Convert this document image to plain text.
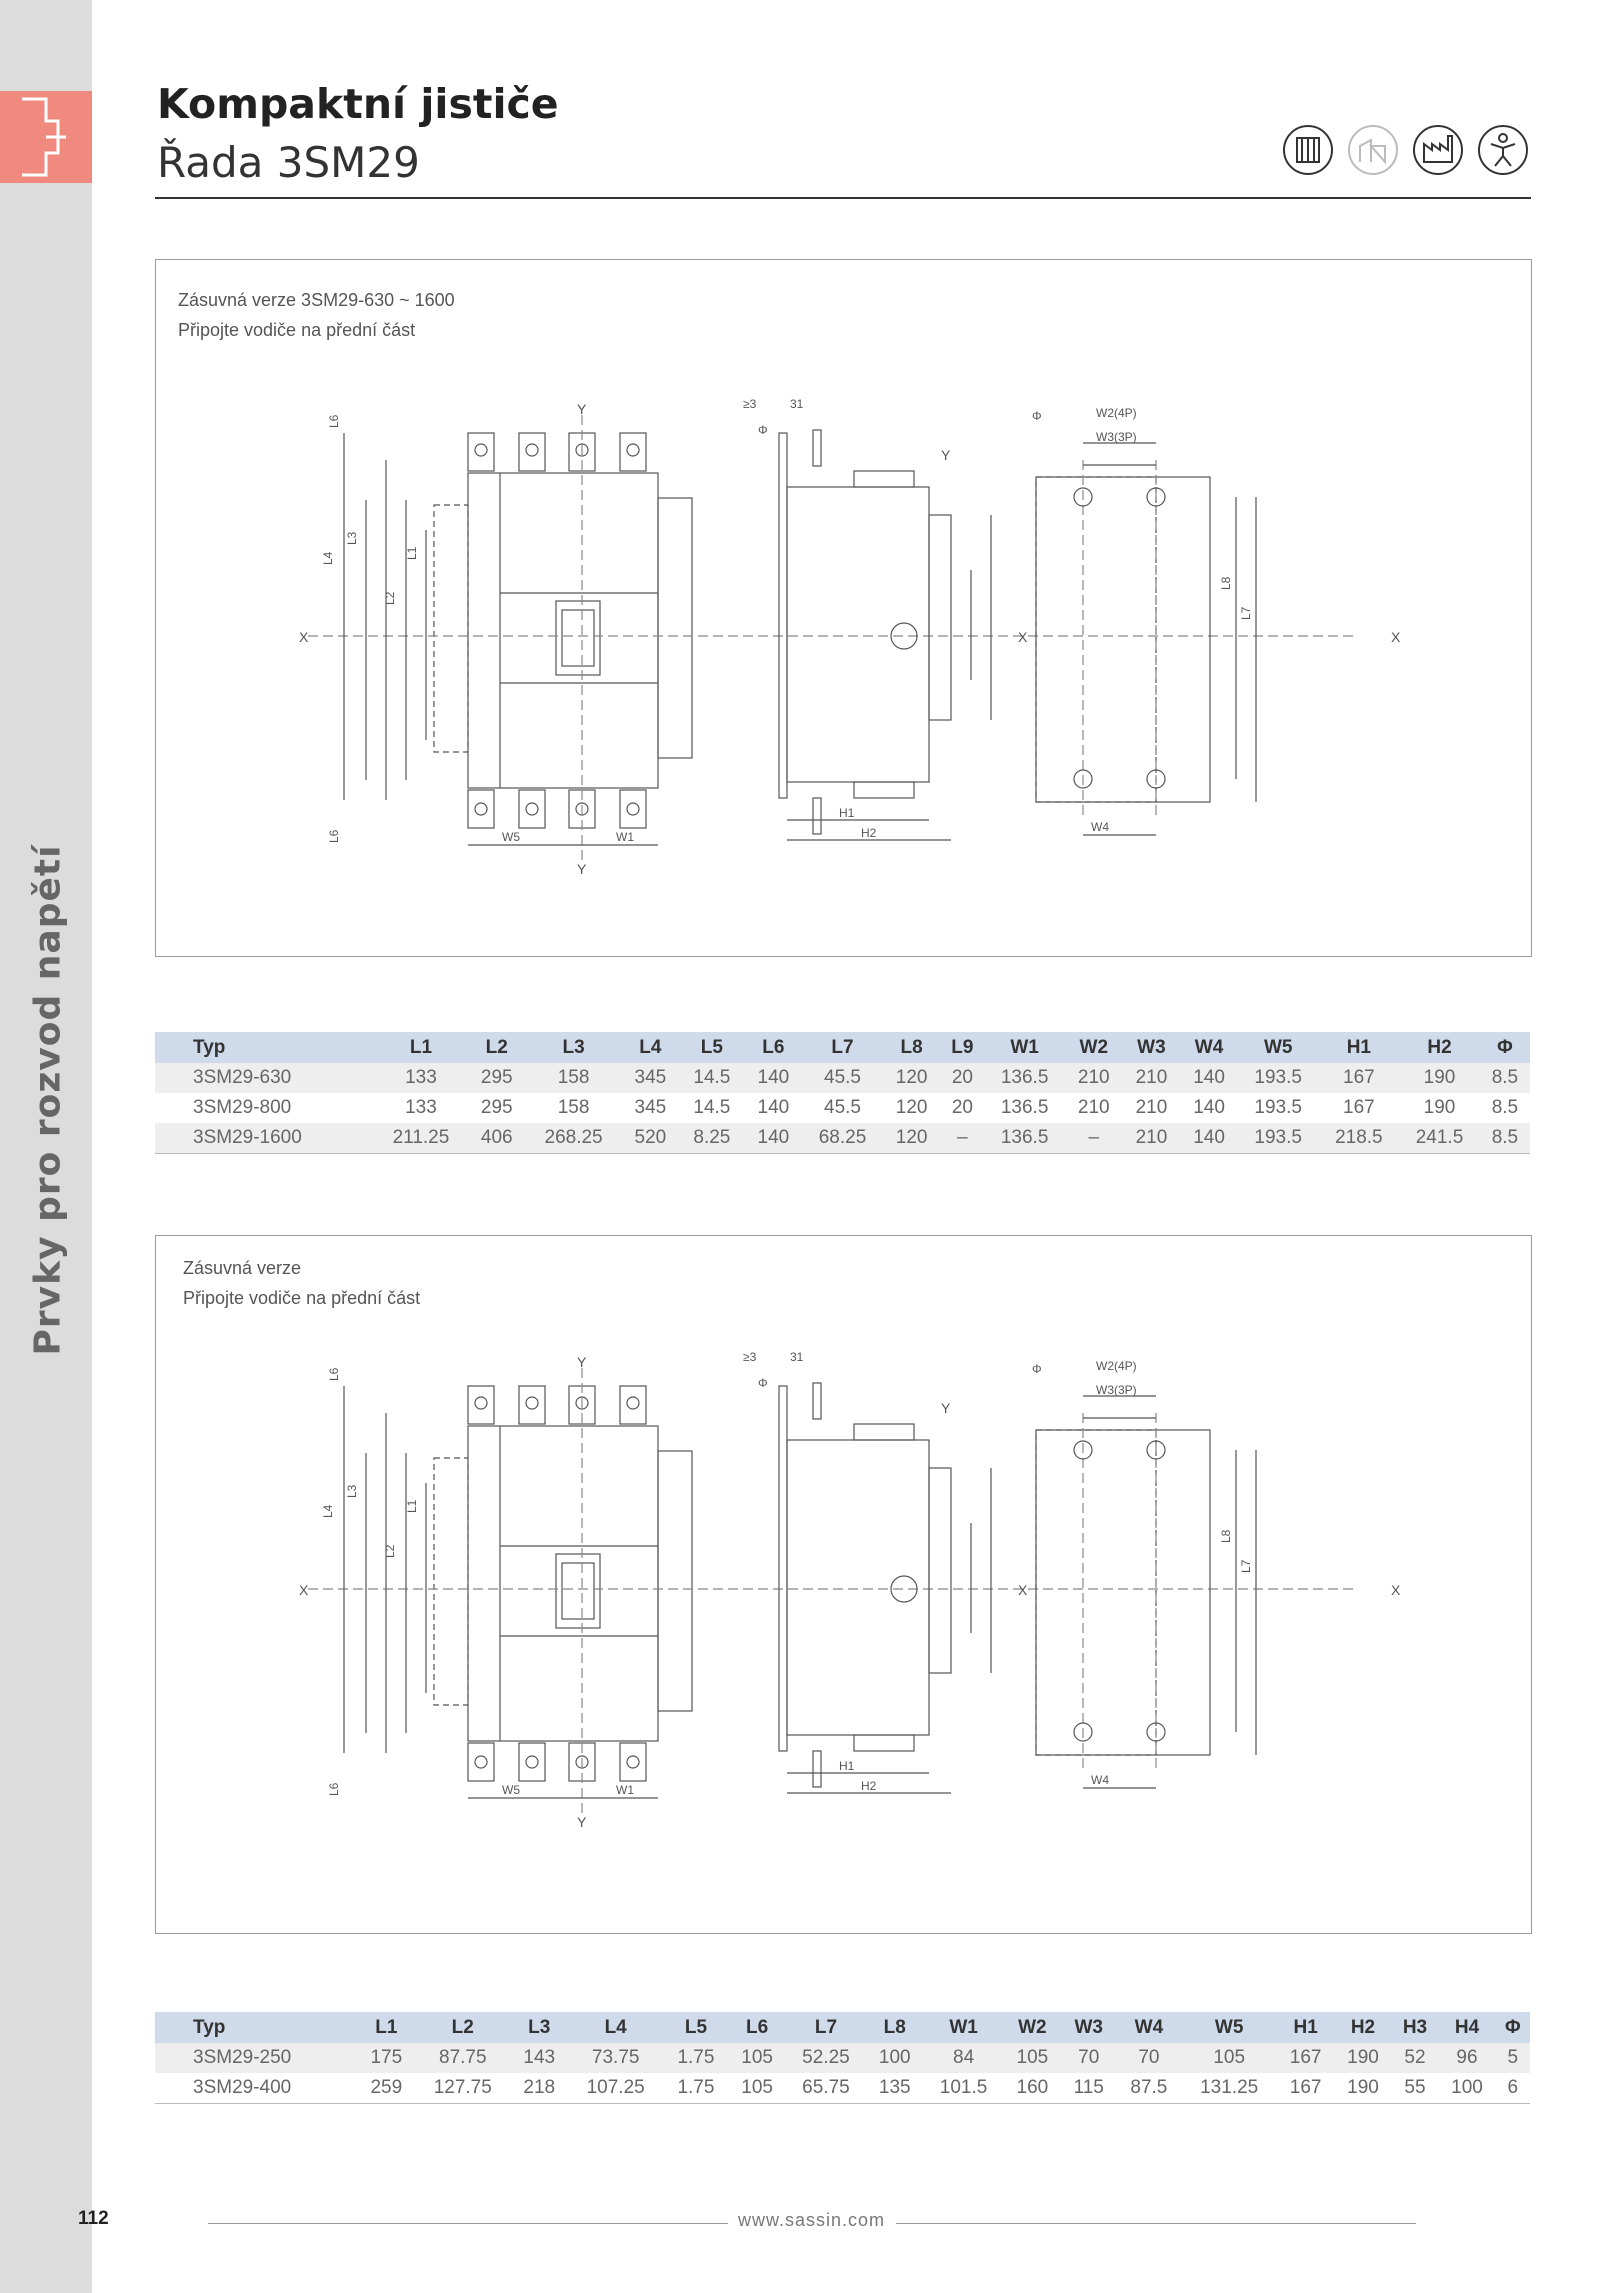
Prvky pro rozvod napětí
Kompaktní jističe
Řada 3SM29
Zásuvná verze 3SM29-630 ~ 1600
Připojte vodiče na přední část
X
Y
Y
W5	W1
L4
L3
L2
L1
L6
L6
≥3	31
Φ
Y
H1
H2
X	X
W2(4P)
W3(3P)
W4
Φ
L8
L7
Typ	L1	L2	L3	L4	L5	L6	L7	L8	L9	W1	W2	W3	W4	W5	H1	H2	Φ
3SM29-630	133	295	158	345	14.5	140	45.5	120	20	136.5	210	210	140	193.5	167	190	8.5
3SM29-800	133	295	158	345	14.5	140	45.5	120	20	136.5	210	210	140	193.5	167	190	8.5
3SM29-1600	211.25	406	268.25	520	8.25	140	68.25	120	–	136.5	–	210	140	193.5	218.5	241.5	8.5
Zásuvná verze
Připojte vodiče na přední část
X
Y
Y
W5	W1
L4
L3
L2
L1
L6
L6
≥3	31
Φ
Y
H1
H2
X	X
W2(4P)
W3(3P)
W4
Φ
L8
L7
Typ	L1	L2	L3	L4	L5	L6	L7	L8	W1	W2	W3	W4	W5	H1	H2	H3	H4	Φ
3SM29-250	175	87.75	143	73.75	1.75	105	52.25	100	84	105	70	70	105	167	190	52	96	5
3SM29-400	259	127.75	218	107.25	1.75	105	65.75	135	101.5	160	115	87.5	131.25	167	190	55	100	6
112	www.sassin.com
